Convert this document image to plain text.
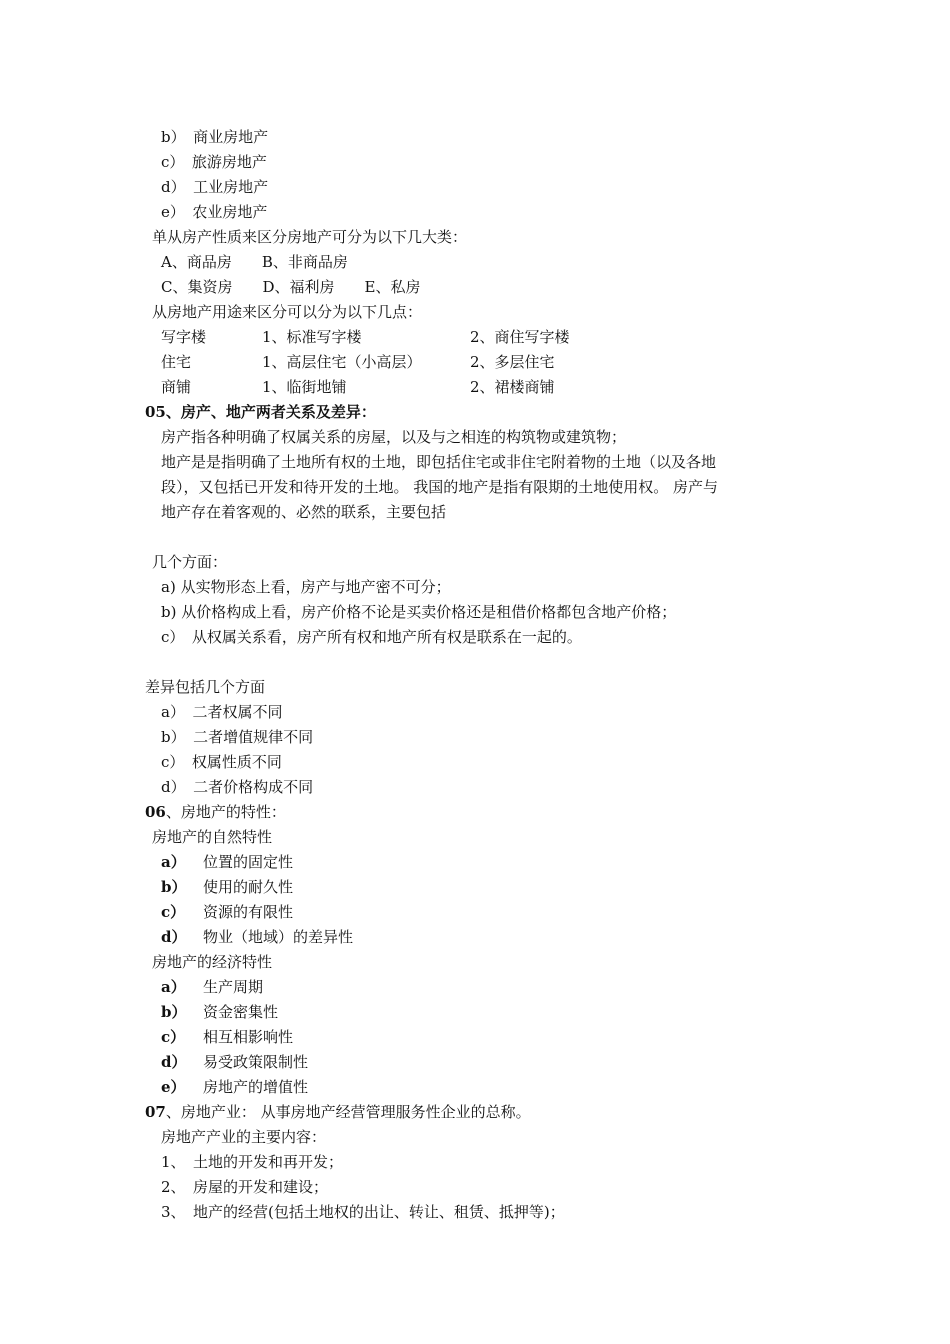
b）　商业房地产
c）　旅游房地产
d）　工业房地产
e）　农业房地产
单从房产性质来区分房地产可分为以下几大类：
A、商品房　　B、非商品房
C、集资房　　D、福利房　　E、私房
从房地产用途来区分可以分为以下几点：
写字楼	1、标准写字楼	2、商住写字楼
住宅	1、高层住宅（小高层）	2、多层住宅
商铺	1、临街地铺	2、裙楼商铺
05、房产、地产两者关系及差异：
房产指各种明确了权属关系的房屋，以及与之相连的构筑物或建筑物；
地产是是指明确了土地所有权的土地，即包括住宅或非住宅附着物的土地（以及各地
段），又包括已开发和待开发的土地。 我国的地产是指有限期的土地使用权。 房产与
地产存在着客观的、必然的联系，主要包括
几个方面：
a) 从实物形态上看，房产与地产密不可分；
b) 从价格构成上看，房产价格不论是买卖价格还是租借价格都包含地产价格；
c）　从权属关系看，房产所有权和地产所有权是联系在一起的。
差异包括几个方面
a）　二者权属不同
b）　二者增值规律不同
c）　权属性质不同
d）　二者价格构成不同
06、房地产的特性：
房地产的自然特性
a） 位置的固定性
b） 使用的耐久性
c） 资源的有限性
d） 物业（地域）的差异性
房地产的经济特性
a） 生产周期
b） 资金密集性
c） 相互相影响性
d） 易受政策限制性
e） 房地产的增值性
07、房地产业： 从事房地产经营管理服务性企业的总称。
房地产产业的主要内容：
1、　土地的开发和再开发；
2、　房屋的开发和建设；
3、　地产的经营(包括土地权的出让、转让、租赁、抵押等)；
